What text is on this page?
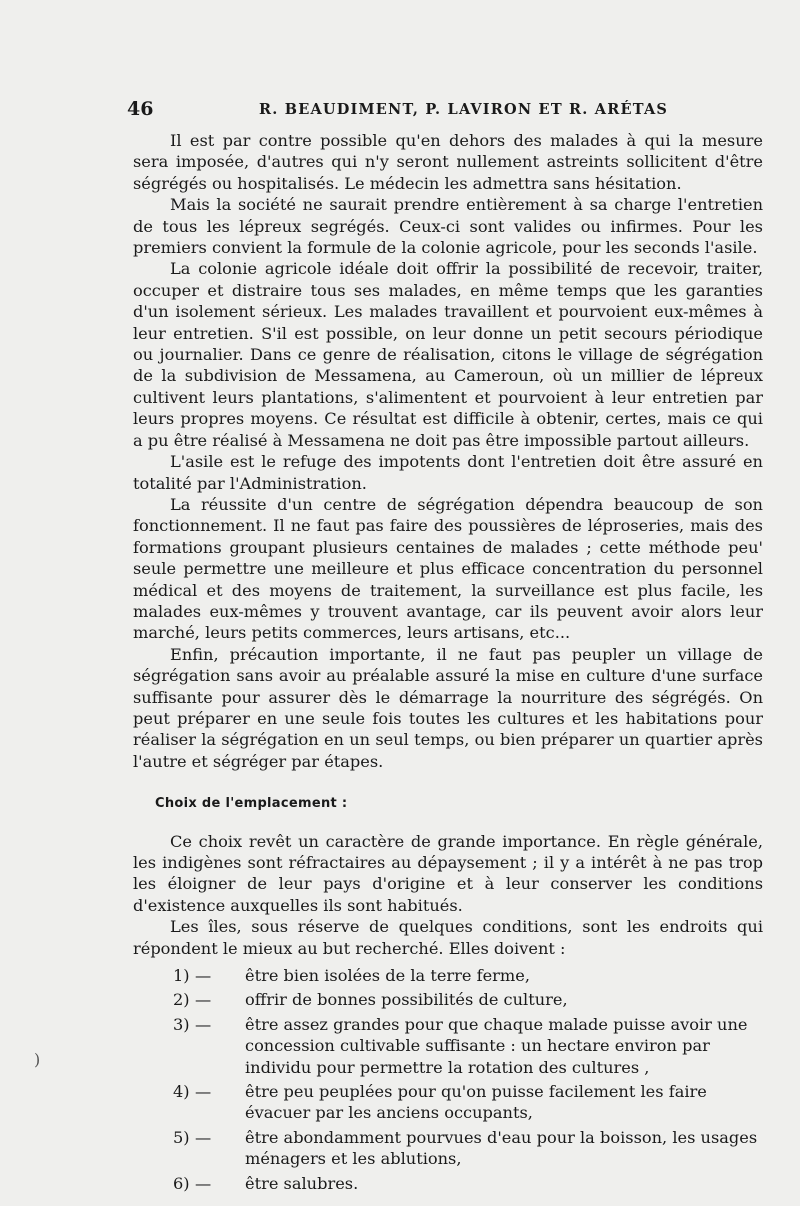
46	R. BEAUDIMENT, P. LAVIRON ET R. ARÉTAS

Il est par contre possible qu'en dehors des malades à qui la mesure sera imposée, d'autres qui n'y seront nullement astreints sollicitent d'être ségrégés ou hospitalisés. Le médecin les admettra sans hésitation.

Mais la société ne saurait prendre entièrement à sa charge l'entretien de tous les lépreux segrégés. Ceux-ci sont valides ou infirmes. Pour les premiers convient la formule de la colonie agricole, pour les seconds l'asile.

La colonie agricole idéale doit offrir la possibilité de recevoir, traiter, occuper et distraire tous ses malades, en même temps que les garanties d'un isolement sérieux. Les malades travaillent et pourvoient eux-mêmes à leur entretien. S'il est possible, on leur donne un petit secours périodique ou journalier. Dans ce genre de réalisation, citons le village de ségrégation de la subdivision de Messamena, au Cameroun, où un millier de lépreux cultivent leurs plantations, s'alimentent et pourvoient à leur entretien par leurs propres moyens. Ce résultat est difficile à obtenir, certes, mais ce qui a pu être réalisé à Messamena ne doit pas être impossible partout ailleurs.

L'asile est le refuge des impotents dont l'entretien doit être assuré en totalité par l'Administration.

La réussite d'un centre de ségrégation dépendra beaucoup de son fonctionnement. Il ne faut pas faire des poussières de léproseries, mais des formations groupant plusieurs centaines de malades ; cette méthode peu' seule permettre une meilleure et plus efficace concentration du personnel médical et des moyens de traitement, la surveillance est plus facile, les malades eux-mêmes y trouvent avantage, car ils peuvent avoir alors leur marché, leurs petits commerces, leurs artisans, etc...

Enfin, précaution importante, il ne faut pas peupler un village de ségrégation sans avoir au préalable assuré la mise en culture d'une surface suffisante pour assurer dès le démarrage la nourriture des ségrégés. On peut préparer en une seule fois toutes les cultures et les habitations pour réaliser la ségrégation en un seul temps, ou bien préparer un quartier après l'autre et ségréger par étapes.

Choix de l'emplacement :

Ce choix revêt un caractère de grande importance. En règle générale, les indigènes sont réfractaires au dépaysement ; il y a intérêt à ne pas trop les éloigner de leur pays d'origine et à leur conserver les conditions d'existence auxquelles ils sont habitués.

Les îles, sous réserve de quelques conditions, sont les endroits qui répondent le mieux au but recherché. Elles doivent :

1) — être bien isolées de la terre ferme,
2) — offrir de bonnes possibilités de culture,
3) — être assez grandes pour que chaque malade puisse avoir une concession cultivable suffisante : un hectare environ par individu pour permettre la rotation des cultures ,
4) — être peu peuplées pour qu'on puisse facilement les faire évacuer par les anciens occupants,
5) — être abondamment pourvues d'eau pour la boisson, les usages ménagers et les ablutions,
6) — être salubres.
)
